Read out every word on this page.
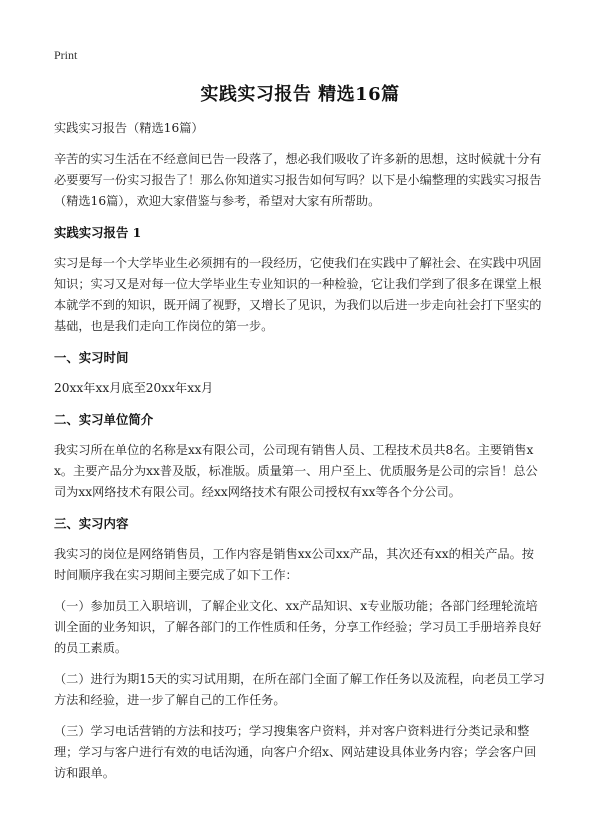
Print
实践实习报告 精选16篇

实践实习报告（精选16篇）

辛苦的实习生活在不经意间已告一段落了，想必我们吸收了许多新的思想，这时候就十分有必要要写一份实习报告了！那么你知道实习报告如何写吗？以下是小编整理的实践实习报告（精选16篇），欢迎大家借鉴与参考，希望对大家有所帮助。

实践实习报告 1

实习是每一个大学毕业生必须拥有的一段经历，它使我们在实践中了解社会、在实践中巩固知识；实习又是对每一位大学毕业生专业知识的一种检验，它让我们学到了很多在课堂上根本就学不到的知识，既开阔了视野，又增长了见识，为我们以后进一步走向社会打下坚实的基础，也是我们走向工作岗位的第一步。

一、实习时间

20xx年xx月底至20xx年xx月

二、实习单位简介

我实习所在单位的名称是xx有限公司，公司现有销售人员、工程技术员共8名。主要销售xx。主要产品分为xx普及版，标准版。质量第一、用户至上、优质服务是公司的宗旨！总公司为xx网络技术有限公司。经xx网络技术有限公司授权有xx等各个分公司。

三、实习内容

我实习的岗位是网络销售员，工作内容是销售xx公司xx产品，其次还有xx的相关产品。按时间顺序我在实习期间主要完成了如下工作：

（一）参加员工入职培训，了解企业文化、xx产品知识、x专业版功能；各部门经理轮流培训全面的业务知识，了解各部门的工作性质和任务，分享工作经验；学习员工手册培养良好的员工素质。

（二）进行为期15天的实习试用期，在所在部门全面了解工作任务以及流程，向老员工学习方法和经验，进一步了解自己的工作任务。

（三）学习电话营销的方法和技巧；学习搜集客户资料，并对客户资料进行分类记录和整理；学习与客户进行有效的电话沟通，向客户介绍x、网站建设具体业务内容；学会客户回访和跟单。
